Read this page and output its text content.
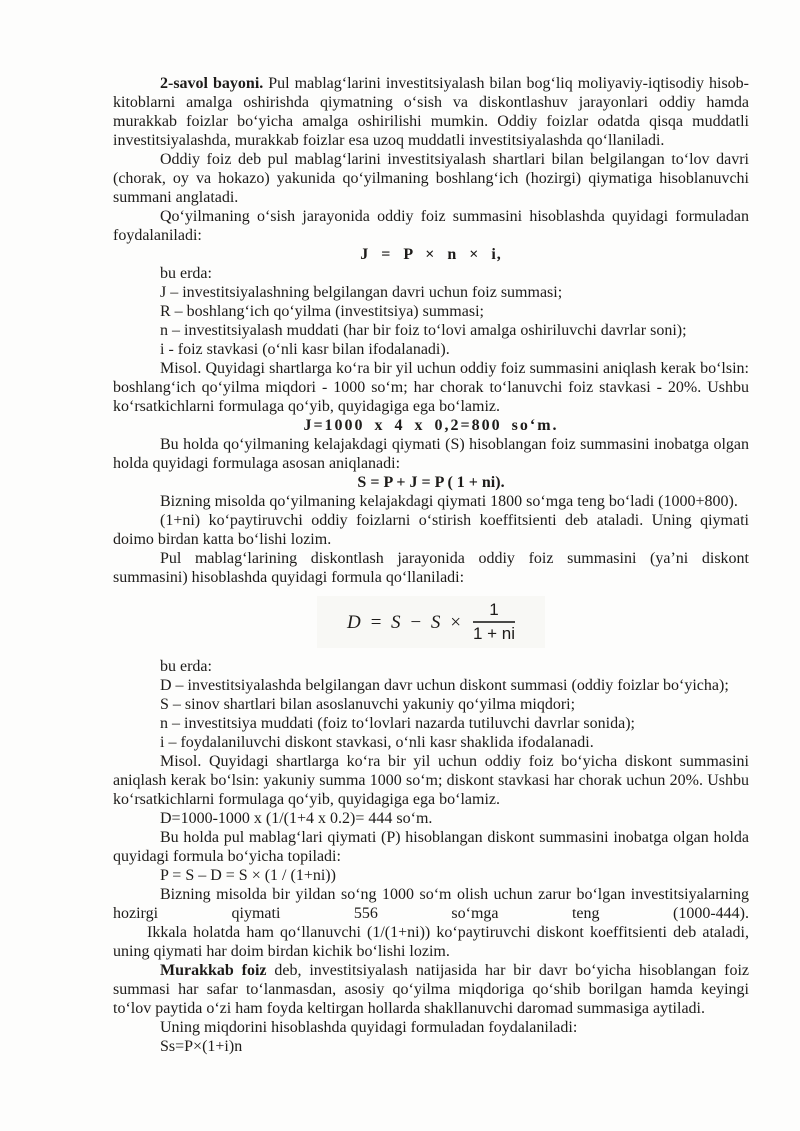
2-savol bayoni. Pul mablag‘larini investitsiyalash bilan bog‘liq moliyaviy-iqtisodiy hisob-kitoblarni amalga oshirishda qiymatning o‘sish va diskontlashuv jarayonlari oddiy hamda murakkab foizlar bo‘yicha amalga oshirilishi mumkin. Oddiy foizlar odatda qisqa muddatli investitsiyalashda, murakkab foizlar esa uzoq muddatli investitsiyalashda qo‘llaniladi.

Oddiy foiz deb pul mablag‘larini investitsiyalash shartlari bilan belgilangan to‘lov davri (chorak, oy va hokazo) yakunida qo‘yilmaning boshlang‘ich (hozirgi) qiymatiga hisoblanuvchi summani anglatadi.

Qo‘yilmaning o‘sish jarayonida oddiy foiz summasini hisoblashda quyidagi formuladan foydalaniladi:

J = P × n × i,

bu erda:

J – investitsiyalashning belgilangan davri uchun foiz summasi;

R – boshlang‘ich qo‘yilma (investitsiya) summasi;

n – investitsiyalash muddati (har bir foiz to‘lovi amalga oshiriluvchi davrlar soni);

i - foiz stavkasi (o‘nli kasr bilan ifodalanadi).

Misol. Quyidagi shartlarga ko‘ra bir yil uchun oddiy foiz summasini aniqlash kerak bo‘lsin: boshlang‘ich qo‘yilma miqdori - 1000 so‘m; har chorak to‘lanuvchi foiz stavkasi - 20%. Ushbu ko‘rsatkichlarni formulaga qo‘yib, quyidagiga ega bo‘lamiz.

J=1000 x 4 x 0,2=800 so‘m.

Bu holda qo‘yilmaning kelajakdagi qiymati (S) hisoblangan foiz summasini inobatga olgan holda quyidagi formulaga asosan aniqlanadi:

S = P + J = P ( 1 + ni).

Bizning misolda qo‘yilmaning kelajakdagi qiymati 1800 so‘mga teng bo‘ladi (1000+800).

(1+ni) ko‘paytiruvchi oddiy foizlarni o‘stirish koeffitsienti deb ataladi. Uning qiymati doimo birdan katta bo‘lishi lozim.

Pul mablag‘larining diskontlash jarayonida oddiy foiz summasini (ya’ni diskont summasini) hisoblashda quyidagi formula qo‘llaniladi:

$D = S - S \times \frac{1}{1 + ni}$

bu erda:

D – investitsiyalashda belgilangan davr uchun diskont summasi (oddiy foizlar bo‘yicha);

S – sinov shartlari bilan asoslanuvchi yakuniy qo‘yilma miqdori;

n – investitsiya muddati (foiz to‘lovlari nazarda tutiluvchi davrlar sonida);

i – foydalaniluvchi diskont stavkasi, o‘nli kasr shaklida ifodalanadi.

Misol. Quyidagi shartlarga ko‘ra bir yil uchun oddiy foiz bo‘yicha diskont summasini aniqlash kerak bo‘lsin: yakuniy summa 1000 so‘m; diskont stavkasi har chorak uchun 20%. Ushbu ko‘rsatkichlarni formulaga qo‘yib, quyidagiga ega bo‘lamiz.

D=1000-1000 x (1/(1+4 x 0.2)= 444 so‘m.

Bu holda pul mablag‘lari qiymati (P) hisoblangan diskont summasini inobatga olgan holda quyidagi formula bo‘yicha topiladi:

P = S – D = S × (1 / (1+ni))

Bizning misolda bir yildan so‘ng 1000 so‘m olish uchun zarur bo‘lgan investitsiyalarning hozirgi qiymati 556 so‘mga teng (1000-444).

Ikkala holatda ham qo‘llanuvchi (1/(1+ni)) ko‘paytiruvchi diskont koeffitsienti deb ataladi, uning qiymati har doim birdan kichik bo‘lishi lozim.

Murakkab foiz deb, investitsiyalash natijasida har bir davr bo‘yicha hisoblangan foiz summasi har safar to‘lanmasdan, asosiy qo‘yilma miqdoriga qo‘shib borilgan hamda keyingi to‘lov paytida o‘zi ham foyda keltirgan hollarda shakllanuvchi daromad summasiga aytiladi.

Uning miqdorini hisoblashda quyidagi formuladan foydalaniladi:

Ss=P×(1+i)n
